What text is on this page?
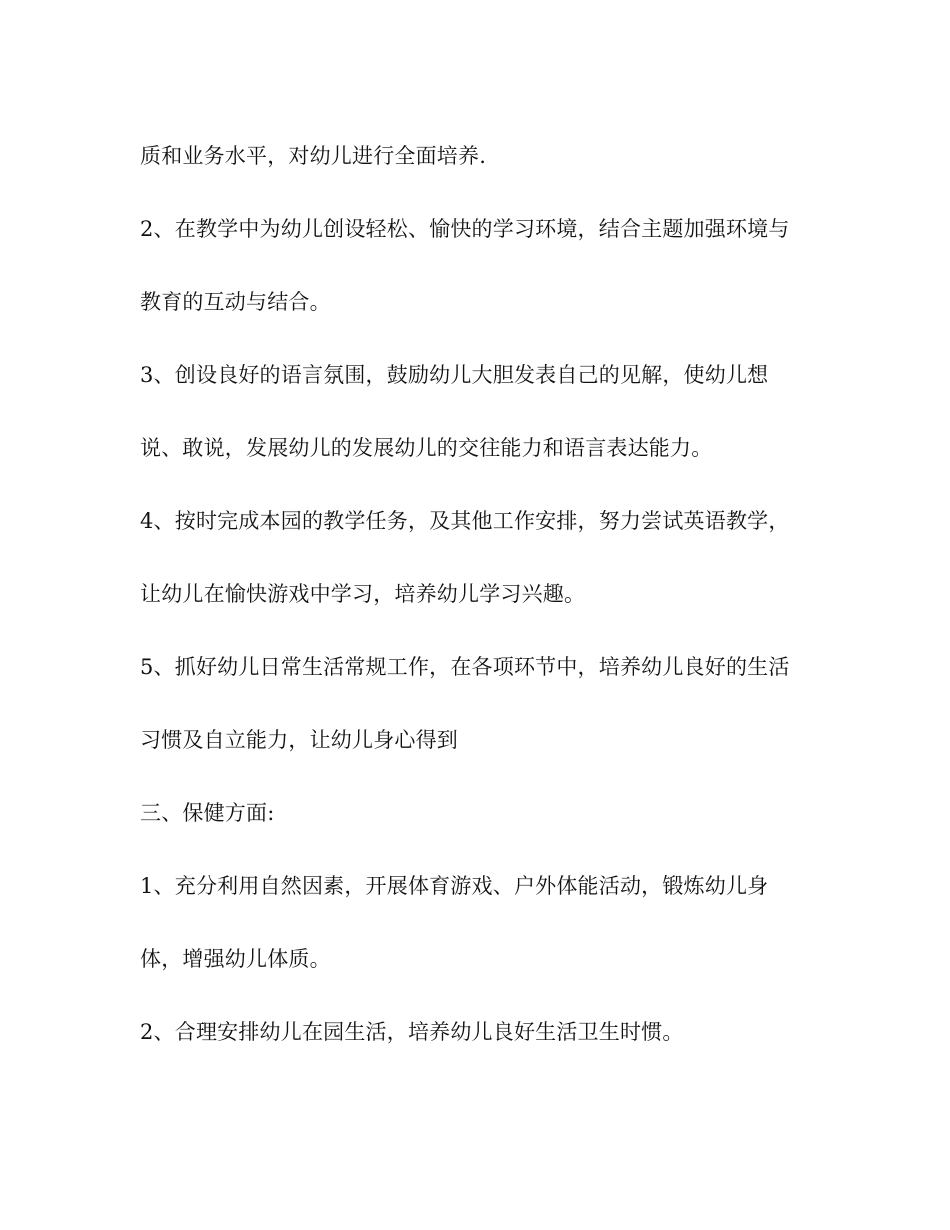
质和业务水平，对幼儿进行全面培养.
2、在教学中为幼儿创设轻松、愉快的学习环境，结合主题加强环境与
教育的互动与结合。
3、创设良好的语言氛围，鼓励幼儿大胆发表自己的见解，使幼儿想
说、敢说，发展幼儿的发展幼儿的交往能力和语言表达能力。
4、按时完成本园的教学任务，及其他工作安排，努力尝试英语教学，
让幼儿在愉快游戏中学习，培养幼儿学习兴趣。
5、抓好幼儿日常生活常规工作，在各项环节中，培养幼儿良好的生活
习惯及自立能力，让幼儿身心得到
三、保健方面:
1、充分利用自然因素，开展体育游戏、户外体能活动，锻炼幼儿身
体，增强幼儿体质。
2、合理安排幼儿在园生活，培养幼儿良好生活卫生时惯。
